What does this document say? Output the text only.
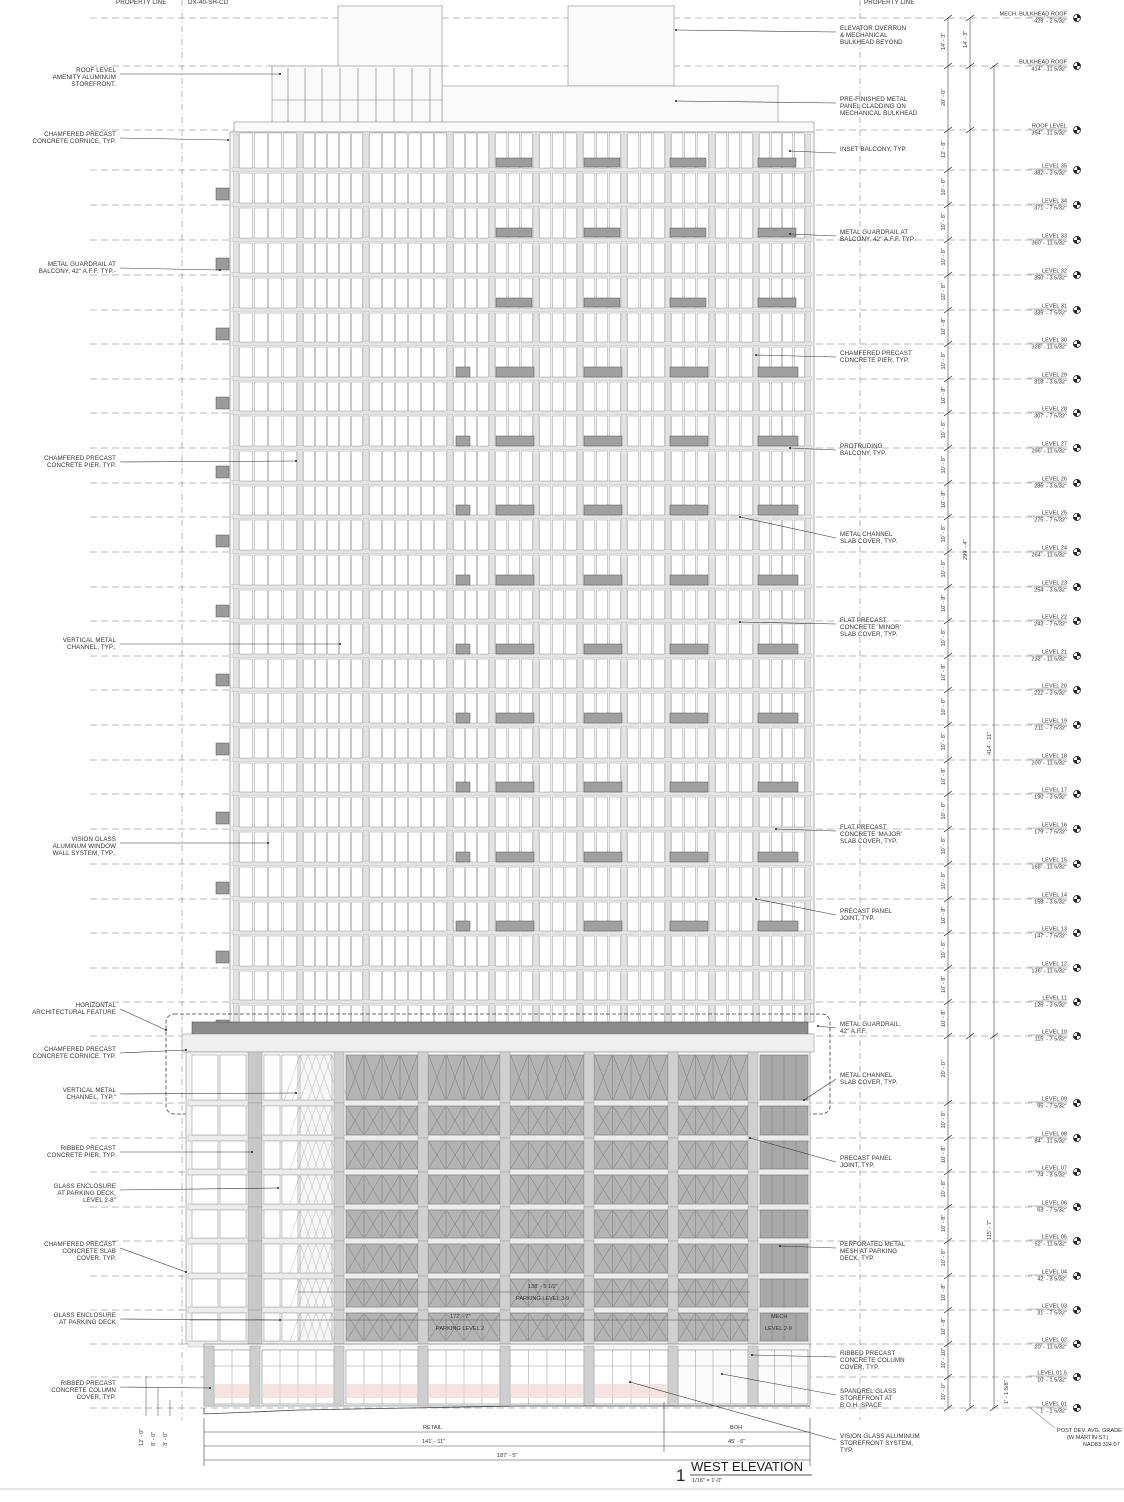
PROPERTY LINE	DX-40-SH-CD	PROPERTY LINE
MECH. BULKHEAD ROOF
429' - 2 5/32"
BULKHEAD ROOF
414' - 11 5/32"
ROOF LEVEL
394' - 11 5/32"
LEVEL 35
382' - 3 5/32"
LEVEL 34
371' - 7 5/32"
LEVEL 33
360' - 11 5/32"
LEVEL 32
350' - 3 5/32"
LEVEL 31
339' - 7 5/32"
LEVEL 30
328' - 11 5/32"
LEVEL 29
318' - 3 5/32"
LEVEL 28
307' - 7 5/32"
LEVEL 27
296' - 11 5/32"
LEVEL 26
286' - 3 5/32"
LEVEL 25
275' - 7 5/32"
LEVEL 24
264' - 11 5/32"
LEVEL 23
254' - 3 5/32"
LEVEL 22
243' - 7 5/32"
LEVEL 21
232' - 11 5/32"
LEVEL 20
222' - 3 5/32"
LEVEL 19
211' - 7 5/32"
LEVEL 18
200' - 11 5/32"
LEVEL 17
190' - 3 5/32"
LEVEL 16
179' - 7 5/32"
LEVEL 15
168' - 11 5/32"
LEVEL 14
158' - 3 5/32"
LEVEL 13
147' - 7 5/32"
LEVEL 12
136' - 11 5/32"
LEVEL 11
126' - 3 5/32"
LEVEL 10
115' - 7 5/32"
LEVEL 09
95' - 7 5/32"
LEVEL 08
84' - 11 5/32"
LEVEL 07
74' - 3 5/32"
LEVEL 06
63' - 7 5/32"
LEVEL 05
52' - 11 5/32"
LEVEL 04
42' - 3 5/32"
LEVEL 03
31' - 7 5/32"
LEVEL 02
20' - 11 5/32"
LEVEL 01.5
10' - 1 5/32"
LEVEL 01
1' - 1 5/32"
138' - 5 1/2"
PARKING LEVEL 3-9
172' - 7"
PARKING LEVEL 2
MECH
LEVEL 2-9
ROOF LEVEL
AMENITY ALUMINUM
STOREFRONT.
CHAMFERED PRECAST
CONCRETE CORNICE, TYP.
METAL GUARDRAIL AT
BALCONY, 42" A.F.F. TYP.-
CHAMFERED PRECAST
CONCRETE PIER, TYP.
VERTICAL METAL
CHANNEL, TYP.,
VISION GLASS
ALUMINUM WINDOW
WALL SYSTEM, TYP.,
HORIZONTAL
ARCHITECTURAL FEATURE
CHAMFERED PRECAST
CONCRETE CORNICE, TYP.
VERTICAL METAL
CHANNEL, TYP."
RIBBED PRECAST
CONCRETE PIER, TYP.
GLASS ENCLOSURE
AT PARKING DECK,
LEVEL 2-8"
CHAMFERED PRECAST
CONCRETE SLAB
COVER, TYP.
GLASS ENCLOSURE
AT PARKING DECK
RIBBED PRECAST
CONCRETE COLUMN
COVER, TYP.
ELEVATOR OVERRUN
& MECHANICAL
BULKHEAD BEYOND
PRE-FINISHED METAL
PANEL CLADDING ON
MECHANICAL BULKHEAD
INSET BALCONY, TYP.
METAL GUARDRAIL AT
BALCONY, 42" A.F.F. TYP.
CHAMFERED PRECAST
CONCRETE PIER, TYP.
PROTRUDING
BALCONY, TYP.
METAL CHANNEL
SLAB COVER, TYP.
FLAT PRECAST
CONCRETE 'MINOR'
SLAB COVER, TYP.
FLAT PRECAST
CONCRETE 'MAJOR'
SLAB COVER, TYP.
PRECAST PANEL
JOINT, TYP.
METAL GUARDRAIL,
42" A.F.F.
METAL CHANNEL
SLAB COVER, TYP.
PRECAST PANEL
JOINT, TYP.
PERFORATED METAL
MESH AT PARKING
DECK, TYP.
RIBBED PRECAST
CONCRETE COLUMN
COVER, TYP.
SPANDREL GLASS
STOREFRONT AT
B.O.H. SPACE
VISION GLASS ALUMINUM
STOREFRONT SYSTEM,
TYP.
14' - 3"
20' - 0"
12' - 8"
10' - 8"
10' - 8"
10' - 8"
10' - 8"
10' - 8"
10' - 8"
10' - 8"
10' - 8"
10' - 8"
10' - 8"
10' - 8"
10' - 8"
10' - 8"
10' - 8"
10' - 8"
10' - 8"
10' - 8"
10' - 8"
10' - 8"
10' - 8"
10' - 8"
10' - 8"
10' - 8"
10' - 8"
10' - 8"
20' - 0"
10' - 8"
10' - 8"
10' - 8"
10' - 8"
10' - 8"
10' - 8"
10' - 8"
10' - 10"
10' - 0"
14' - 3"
299' - 4"
414' - 11"
115' - 7"
1' - 1 5/8"
RETAIL	BOH
141' - 11"	45' - 6"
187' - 5"
12' - 0" 8' - 0" 3' - 0"
POST DEV. AVG. GRADE
(W MARTIN ST.)
NAD83 324.07
1 WEST ELEVATION
1/16" = 1'-0"
